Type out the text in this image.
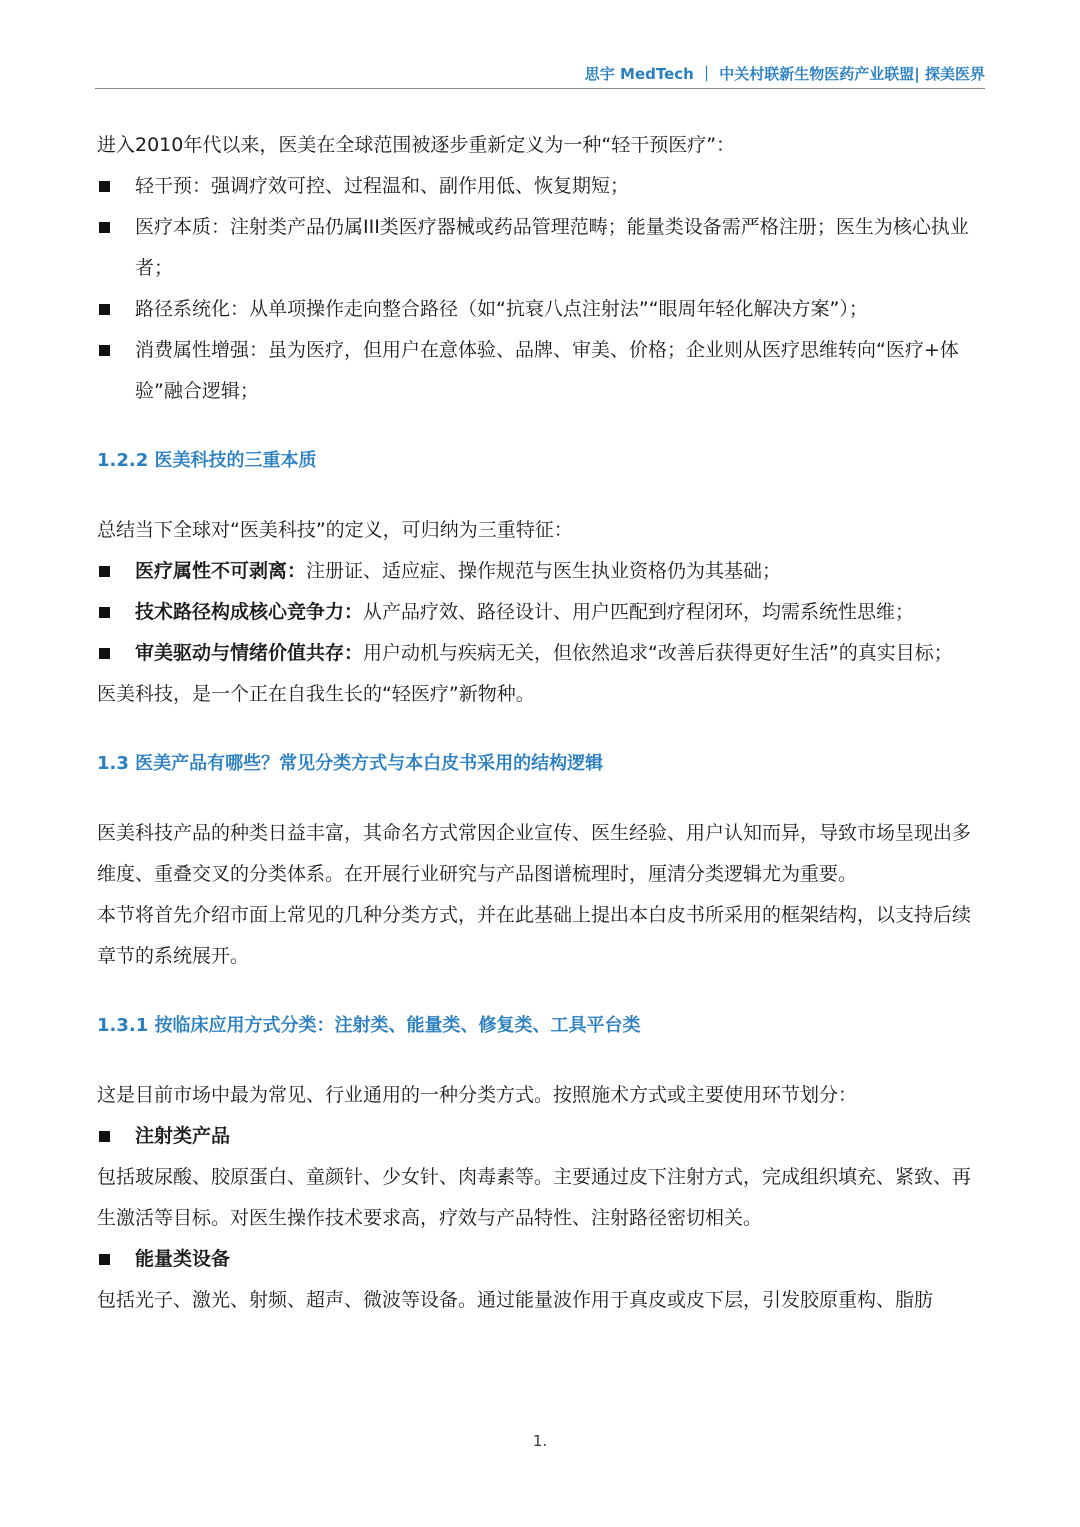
思宇 MedTech ｜ 中关村联新生物医药产业联盟| 探美医界

进入2010年代以来，医美在全球范围被逐步重新定义为一种“轻干预医疗”：

轻干预：强调疗效可控、过程温和、副作用低、恢复期短；

医疗本质：注射类产品仍属III类医疗器械或药品管理范畴；能量类设备需严格注册；医生为核心执业者；

路径系统化：从单项操作走向整合路径（如“抗衰八点注射法”“眼周年轻化解决方案”）；

消费属性增强：虽为医疗，但用户在意体验、品牌、审美、价格；企业则从医疗思维转向“医疗+体验”融合逻辑；

1.2.2 医美科技的三重本质

总结当下全球对“医美科技”的定义，可归纳为三重特征：

医疗属性不可剥离：注册证、适应症、操作规范与医生执业资格仍为其基础；

技术路径构成核心竞争力：从产品疗效、路径设计、用户匹配到疗程闭环，均需系统性思维；

审美驱动与情绪价值共存：用户动机与疾病无关，但依然追求“改善后获得更好生活”的真实目标；

医美科技，是一个正在自我生长的“轻医疗”新物种。

1.3 医美产品有哪些？常见分类方式与本白皮书采用的结构逻辑

医美科技产品的种类日益丰富，其命名方式常因企业宣传、医生经验、用户认知而异，导致市场呈现出多维度、重叠交叉的分类体系。在开展行业研究与产品图谱梳理时，厘清分类逻辑尤为重要。

本节将首先介绍市面上常见的几种分类方式，并在此基础上提出本白皮书所采用的框架结构，以支持后续章节的系统展开。

1.3.1 按临床应用方式分类：注射类、能量类、修复类、工具平台类

这是目前市场中最为常见、行业通用的一种分类方式。按照施术方式或主要使用环节划分：

注射类产品

包括玻尿酸、胶原蛋白、童颜针、少女针、肉毒素等。主要通过皮下注射方式，完成组织填充、紧致、再生激活等目标。对医生操作技术要求高，疗效与产品特性、注射路径密切相关。

能量类设备

包括光子、激光、射频、超声、微波等设备。通过能量波作用于真皮或皮下层，引发胶原重构、脂肪

1.
